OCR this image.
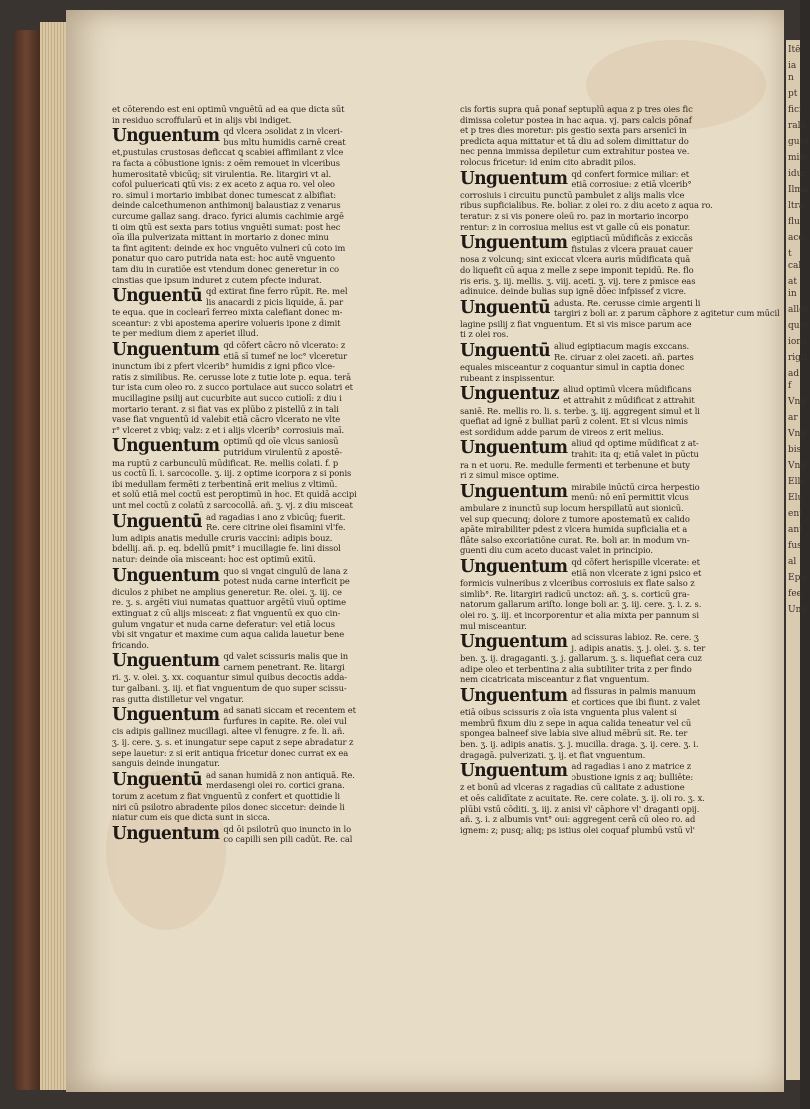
et cōterendo est eni optimū vnguētū ad ea que dicta sūt
in residuo scroffularū et in alijs vbi indiget.
Unguentum qd vlcera ɔsolidat z in vlceri-
bus mltu humidis carnē creat
et,pustulas crustosas deficcat ꝗ scabiei affimilant z vlce
ra facta a cōbustione ignis: z oēm remouet in vlceribus
humerositatē vbicūq; sit virulentia. Re. litargiri vt al.
cofol puluericati ꝗtū vis: z ex aceto z aqua ro. vel oleo
ro. simul i mortario imbibat donec tumescat z albifiat:
deinde calcethumenon anthimonij balaustiaz z venarus
curcume gallaz sang. draco. fyrici alumis cachimie argē
ti oim ꝗtū est sexta pars totius vnguēti sumat: post hec
oīa illa pulverizata mittant in mortario z donec minu
ta fint agitent: deinde ex hoc vnguēto vulneri cū coto im
ponatur quo caro putrida nata est: hoc autē vnguento
tam diu in curatiōe est vtendum donec generetur in co
cinstias que ipsum induret z cutem pfecte indurat.
Unguentū qd extirat fine ferro rūpit. Re. mel
lis anacardi z picis liquide, ā. par
te equa. que in coclearī ferreo mixta calefiant donec m-
sceantur: z vbi apostema aperire volueris ipone z dimit
te per medium diem z aperiet illud.
Unguentum qd cōfert cācro nō vlcerato: z
etiā sī tumef ne loc° vlceretur
inunctum ibi z pfert vlcerib° humidis z igni pfico vlce-
ratis z similibus. Re. cerusse lote z tutie lote p. equa. terā
tur ista cum oleo ro. z succo portulace aut succo solatri et
mucillagine psilij aut cucurbite aut succo cutiolī: z diu i
mortario terant. z si fiat vas ex plūbo z pistellū z in tali
vase fiat vnguentū id valebit etiā cācro vlcerato ne vlte
r° vlceret z vbiq; valz: z et i alijs vlcerib° corrosiuis maī.
Unguentum optimū qd oīe vlcus saniosū
putridum virulentū z apostē-
ma ruptū z carbunculū mūdificat. Re. mellis colati. f. p
us coctū lī. i. sarcocolle. ʒ. iij. z optime icorpora z si ponis
ibi medullam fermēti z terbentinā erit melius z vltimū.
et solū etiā mel coctū est peroptimū in hoc. Et quidā accipi
unt mel coctū z colatū z sarcocollā. añ. ʒ. vj. z diu misceat
Unguentū ad ragadias i ano z vbicūq; fuerit.
Re. cere citrine olei fisamini vl'fe.
lum adipis anatis medulle cruris vaccini: adipis bouz.
bdellij. añ. p. eq. bdellū pmit° i mucillagie fe. lini dissol
natur: deinde oīa misceant: hoc est optimū exitū.
Unguentum quo si vngat cingulū de lana z
potest nuda carne interficit pe
diculos z phibet ne amplius generetur. Re. olei. ʒ. iij. ce
re. ʒ. s. argēti viui numatas quattuor argētū viuū optime
extinguat z cū alijs misceat: z fiat vnguentū ex quo cin-
gulum vngatur et nuda carne deferatur: vel etiā locus
vbi sit vngatur et maxime cum aqua calida lauetur bene
fricando.
Unguentum qd valet scissuris malis que in
carnem penetrant. Re. litargi
ri. ʒ. v. olei. ʒ. xx. coquantur simul quibus decoctis adda-
tur galbani. ʒ. iij. et fiat vnguentum de quo super scissu-
ras gutta distilletur vel vngatur.
Unguentum ad sanati siccam et recentem et
furfures in capite. Re. olei vul
cis adipis gallinez mucillagi. altee vl fenugre. z fe. li. añ.
ʒ. ij. cere. ʒ. s. et inungatur sepe caput z sepe abradatur z
sepe lauetur: z si erit antiqua fricetur donec currat ex ea
sanguis deinde inungatur.
Unguentū ad sanan humidā z non antiquā. Re.
merdasengi olei ro. cortici grana.
torum z acetum z fiat vnguentū z confert et quottidie li
niri cū psilotro abradente pilos donec siccetur: deinde li
niatur cum eis que dicta sunt in sicca.
Unguentum qd ōi psilotrū quo inuncto in lo
co capilli sen pili cadūt. Re. cal
cis fortis supra quā ponaf septuplū aqua z p tres oies fic
dimissa coletur postea in hac aqua. vj. pars calcis pōnaf
et p tres dies moretur: pis gestio sexta pars arsenici in
predicta aqua mittatur et tā diu ad solem dimittatur do
nec penna immissa depiletur cum extrahitur postea ve.
rolocus fricetur: id enim cito abradit pilos.
Unguentum qd confert formice miliar: et
etiā corrosiue: z etiā vlcerib°
corrosiuis i circuitu punctū pambulet z alijs malis vlce
ribus supficialibus. Re. boliar. z olei ro. z diu aceto z aqua ro.
teratur: z si vis ponere oleū ro. paz in mortario incorpo
rentur: z in corrosiua melius est vt galle cū eis ponatur.
Unguentum egiptiacū mūdificās z exiccās
fistulas z vlcera prauat cauer
nosa z volcunq; sint exiccat vlcera auris mūdificata quā
do liquefit cū aqua z melle z sepe imponit tepidū. Re. flo
ris eris. ʒ. iij. mellis. ʒ. viij. aceti. ʒ. vij. tere z pmisce eas
adinuice. deinde bulias sup ignē dōec infpissef z vicre.
Unguentū adusta. Re. cerusse cimie argenti li
targiri z boli ar. z parum cāphore z agitetur cum mūcil
lagine psilij z fiat vnguentum. Et si vis misce parum ace
ti z olei ros.
Unguentū aliud egiptiacum magis exccans.
Re. ciruar z olei zaceti. añ. partes
equales misceantur z coquantur simul in captia donec
rubeant z inspissentur.
Unguentuz aliud optimū vlcera mūdificans
et attrahit z mūdificat z attrahit
saniē. Re. mellis ro. li. s. terbe. ʒ. iij. aggregent simul et li
quefiat ad ignē z bulliat parū z colent. Et si vlcus nimis
est sordidum adde parum de vireos z erit melius.
Unguentum aliud qd optime mūdificat z at-
trahit: ita q; etiā valet in pūctu
ra n et uoru. Re. medulle fermenti et terbenune et buty
ri z simul misce optime.
Unguentum mirabile inūctū circa herpestio
menū: nō enī permittit vlcus
ambulare z inunctū sup locum herspillatū aut sionicū.
vel sup quecunq; dolore z tumore apostematū ex calido
apāte mirabiliter pdest z vlcera humida supficialia et a
flāte salso excoriatiōne curat. Re. boli ar. in modum vn-
guenti diu cum aceto ducast valet in principio.
Unguentum qd cōfert herispille vlcerate: et
etiā non vlcerate z igni psico et
formicis vulneribus z vlceribus corrosiuis ex flate salso z
simlib°. Re. litargiri radicū unctoz: añ. ʒ. s. corticū gra-
natorum gallarum ariſto. longe boli ar. ʒ. iij. cere. ʒ. i. z. s.
olei ro. ʒ. iij. et incorporentur et alia mixta per pannum si
mul misceantur.
Unguentum ad scissuras labioz. Re. cere. ʒ
j. adipis anatis. ʒ. j. olei. ʒ. s. ter
ben. ʒ. ij. dragaganti. ʒ. j. gallarum. ʒ. s. liquefiat cera cuz
adipe oleo et terbentina z alia subtiliter trita z per findo
nem cicatricata misceantur z fiat vnguentum.
Unguentum ad fissuras in palmis manuum
et cortices que ibi fiunt. z valet
etiā oibus scissuris z oīa ista vnguenta plus valent si
membrū fixum diu z sepe in aqua calida teneatur vel cū
spongea balneef sive labia sive aliud mēbrū sit. Re. ter
ben. ʒ. ij. adipis anatis. ʒ. j. mucilla. draga. ʒ. ij. cere. ʒ. i.
dragagā. pulverizati. ʒ. ij. et fiat vnguentum.
Unguentum ad ragadias i ano z matrice z
ɔbustione ignis z aq; bulliēte:
z et bonū ad vlceras z ragadias cū calitate z adustione
et oēs calidītate z acuitate. Re. cere colate. ʒ. ij. oli ro. ʒ. x.
plūbi vstū cōditi. ʒ. iij. z anisi vl' cāphore vl' draganti opij.
añ. ʒ. i. z albumis vnt° oui: aggregent cerā cū oleo ro. ad
ignem: z; pusq; aliq; ps istius olei coquaf plumbū vstū vl'
Itē
ia n
pt
fici
rale
guer
mife
idur
Ilma
ltra
flu
aco
t cal
at in
aller
quec
ione
rigit
ad f
Vng
ar
Vng
bis
Vng
Elle
Elu
ent
ant
fus
al
Epu
fee
Ung
